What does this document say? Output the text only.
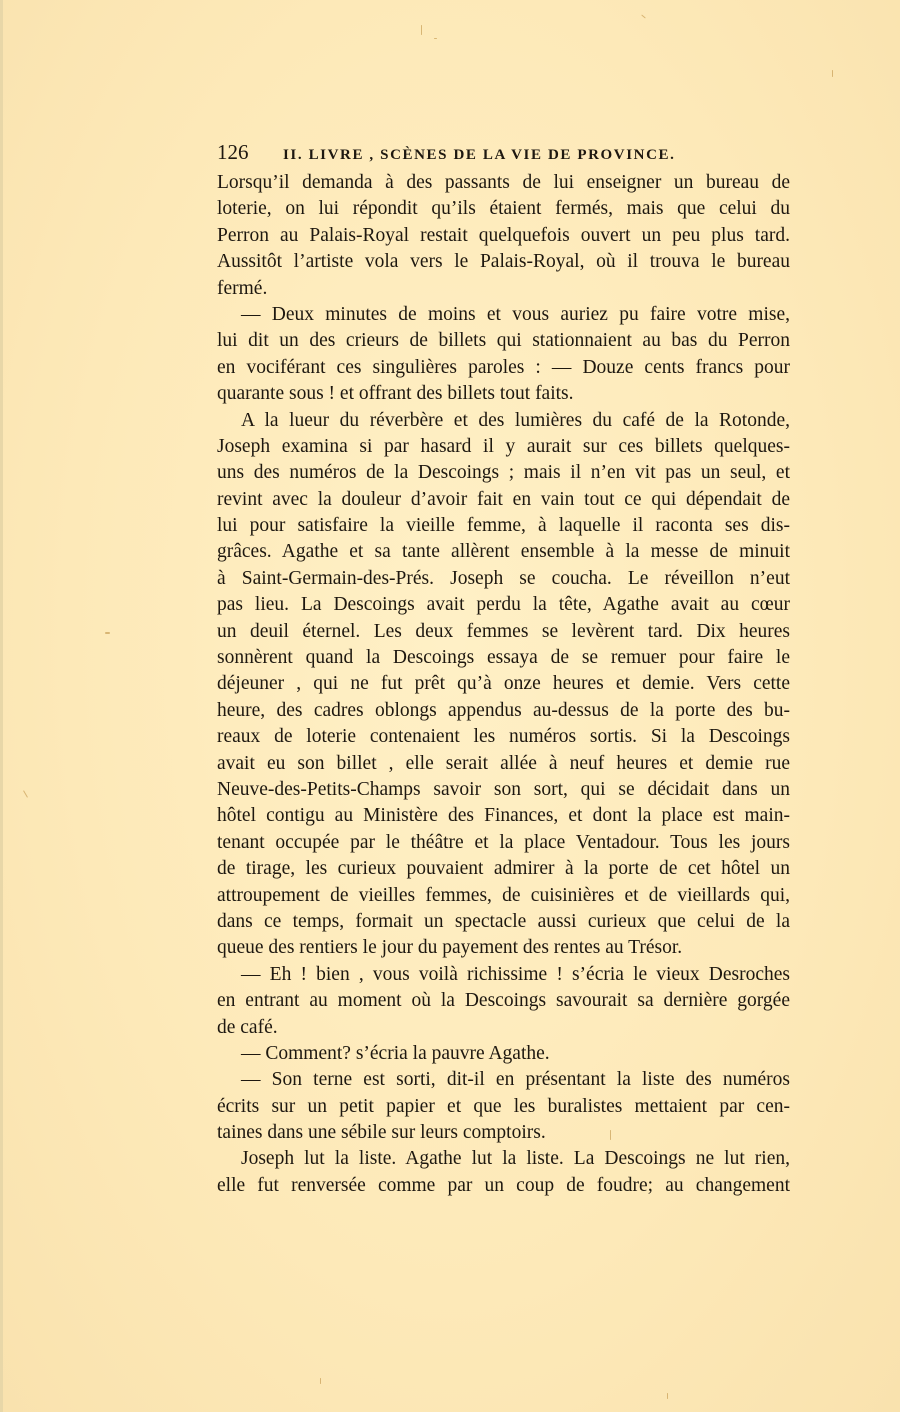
126	II. LIVRE , SCÈNES DE LA VIE DE PROVINCE.
Lorsqu’il demanda à des passants de lui enseigner un bureau de
loterie, on lui répondit qu’ils étaient fermés, mais que celui du
Perron au Palais-Royal restait quelquefois ouvert un peu plus tard.
Aussitôt l’artiste vola vers le Palais-Royal, où il trouva le bureau
fermé.
— Deux minutes de moins et vous auriez pu faire votre mise,
lui dit un des crieurs de billets qui stationnaient au bas du Perron
en vociférant ces singulières paroles : — Douze cents francs pour
quarante sous ! et offrant des billets tout faits.
A la lueur du réverbère et des lumières du café de la Rotonde,
Joseph examina si par hasard il y aurait sur ces billets quelques-
uns des numéros de la Descoings ; mais il n’en vit pas un seul, et
revint avec la douleur d’avoir fait en vain tout ce qui dépendait de
lui pour satisfaire la vieille femme, à laquelle il raconta ses dis-
grâces. Agathe et sa tante allèrent ensemble à la messe de minuit
à Saint-Germain-des-Prés. Joseph se coucha. Le réveillon n’eut
pas lieu. La Descoings avait perdu la tête, Agathe avait au cœur
un deuil éternel. Les deux femmes se levèrent tard. Dix heures
sonnèrent quand la Descoings essaya de se remuer pour faire le
déjeuner , qui ne fut prêt qu’à onze heures et demie. Vers cette
heure, des cadres oblongs appendus au-dessus de la porte des bu-
reaux de loterie contenaient les numéros sortis. Si la Descoings
avait eu son billet , elle serait allée à neuf heures et demie rue
Neuve-des-Petits-Champs savoir son sort, qui se décidait dans un
hôtel contigu au Ministère des Finances, et dont la place est main-
tenant occupée par le théâtre et la place Ventadour. Tous les jours
de tirage, les curieux pouvaient admirer à la porte de cet hôtel un
attroupement de vieilles femmes, de cuisinières et de vieillards qui,
dans ce temps, formait un spectacle aussi curieux que celui de la
queue des rentiers le jour du payement des rentes au Trésor.
— Eh ! bien , vous voilà richissime ! s’écria le vieux Desroches
en entrant au moment où la Descoings savourait sa dernière gorgée
de café.
— Comment? s’écria la pauvre Agathe.
— Son terne est sorti, dit-il en présentant la liste des numéros
écrits sur un petit papier et que les buralistes mettaient par cen-
taines dans une sébile sur leurs comptoirs.
Joseph lut la liste. Agathe lut la liste. La Descoings ne lut rien,
elle fut renversée comme par un coup de foudre; au changement
